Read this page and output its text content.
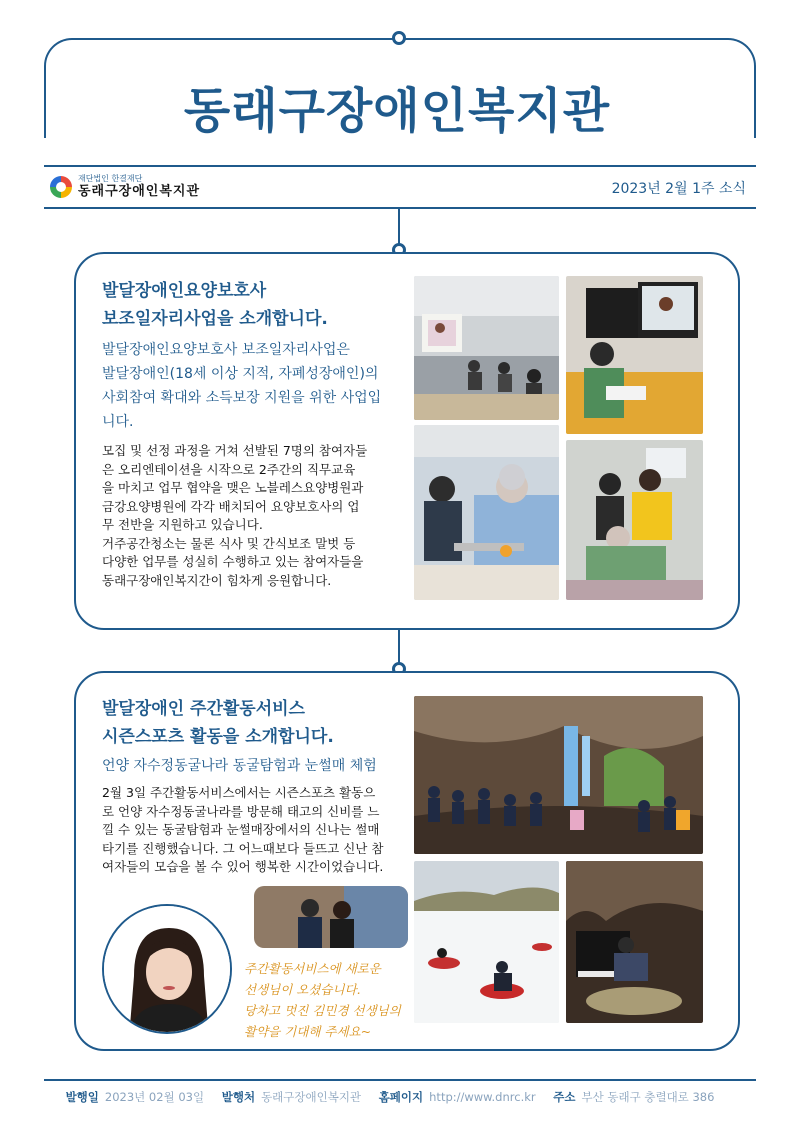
동래구장애인복지관
재단법인 한결재단
동래구장애인복지관	2023년 2월 1주 소식
발달장애인요양보호사
보조일자리사업을 소개합니다.
발달장애인요양보호사 보조일자리사업은
발달장애인(18세 이상 지적, 자폐성장애인)의
사회참여 확대와 소득보장 지원을 위한 사업입
니다.
모집 및 선정 과정을 거쳐 선발된 7명의 참여자들
은 오리엔테이션을 시작으로 2주간의 직무교육
을 마치고 업무 협약을 맺은 노블레스요양병원과
금강요양병원에 각각 배치되어 요양보호사의 업
무 전반을 지원하고 있습니다.
거주공간청소는 물론 식사 및 간식보조 말벗 등
다양한 업무를 성실히 수행하고 있는 참여자들을
동래구장애인복지간이 힘차게 응원합니다.
발달장애인 주간활동서비스
시즌스포츠 활동을 소개합니다.
언양 자수정동굴나라 동굴탐험과 눈썰매 체험
2월 3일 주간활동서비스에서는 시즌스포츠 활동으
로 언양 자수정동굴나라를 방문해 태고의 신비를 느
낄 수 있는 동굴탐험과 눈썰매장에서의 신나는 썰매
타기를 진행했습니다. 그 어느때보다 들뜨고 신난 참
여자들의 모습을 볼 수 있어 행복한 시간이었습니다.
주간활동서비스에 새로운
선생님이 오셨습니다.
당차고 멋진 김민경 선생님의
활약을 기대해 주세요~
발행일 2023년 02월 03일 발행처 동래구장애인복지관 홈페이지 http://www.dnrc.kr 주소 부산 동래구 충렬대로 386
